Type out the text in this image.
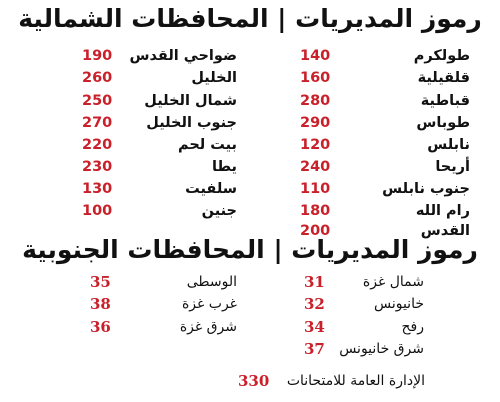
رموز المديريات | المحافظات الشمالية
طولكرم
140
قلقيلية
160
قباطية
280
طوباس
290
نابلس
120
أريحا
240
جنوب نابلس
110
رام الله
180
القدس
200
ضواحي القدس
190
الخليل
260
شمال الخليل
250
جنوب الخليل
270
بيت لحم
220
يطا
230
سلفيت
130
جنين
100
رموز المديريات | المحافظات الجنوبية
شمال غزة
31
خانيونس
32
رفح
34
شرق خانيونس
37
الوسطى
35
غرب غزة
38
شرق غزة
36
الإدارة العامة للامتحانات
330
